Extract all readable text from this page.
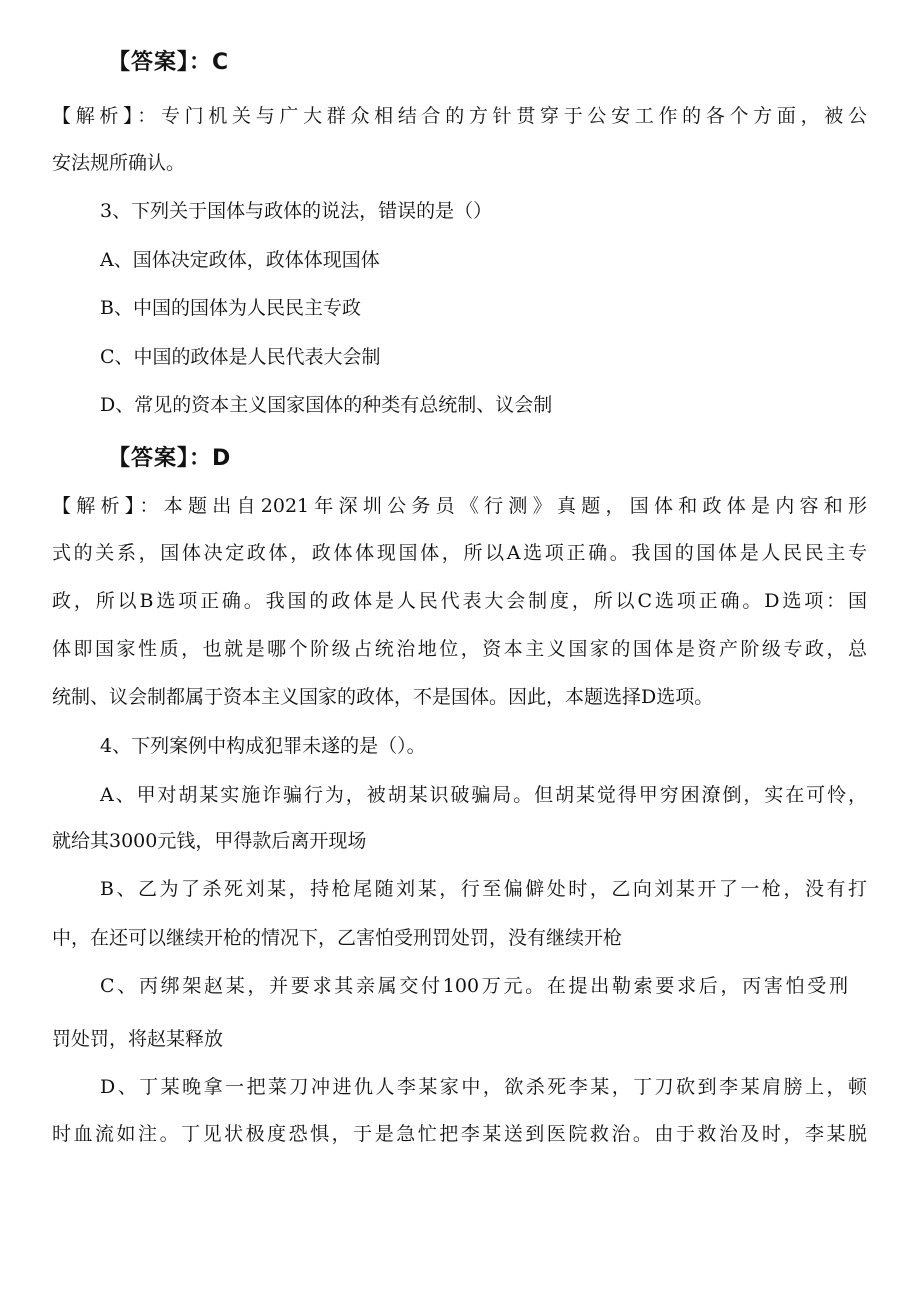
【答案】：C
【解析】：专门机关与广大群众相结合的方针贯穿于公安工作的各个方面，被公
安法规所确认。
3、下列关于国体与政体的说法，错误的是（）
A、国体决定政体，政体体现国体
B、中国的国体为人民民主专政
C、中国的政体是人民代表大会制
D、常见的资本主义国家国体的种类有总统制、议会制
【答案】：D
【解析】：本题出自2021年深圳公务员《行测》真题，国体和政体是内容和形
式的关系，国体决定政体，政体体现国体，所以A选项正确。我国的国体是人民民主专
政，所以B选项正确。我国的政体是人民代表大会制度，所以C选项正确。D选项：国
体即国家性质，也就是哪个阶级占统治地位，资本主义国家的国体是资产阶级专政，总
统制、议会制都属于资本主义国家的政体，不是国体。因此，本题选择D选项。
4、下列案例中构成犯罪未遂的是（）。
A、甲对胡某实施诈骗行为，被胡某识破骗局。但胡某觉得甲穷困潦倒，实在可怜，
就给其3000元钱，甲得款后离开现场
B、乙为了杀死刘某，持枪尾随刘某，行至偏僻处时，乙向刘某开了一枪，没有打
中，在还可以继续开枪的情况下，乙害怕受刑罚处罚，没有继续开枪
C、丙绑架赵某，并要求其亲属交付100万元。在提出勒索要求后，丙害怕受刑
罚处罚，将赵某释放
D、丁某晚拿一把菜刀冲进仇人李某家中，欲杀死李某，丁刀砍到李某肩膀上，顿
时血流如注。丁见状极度恐惧，于是急忙把李某送到医院救治。由于救治及时，李某脱
